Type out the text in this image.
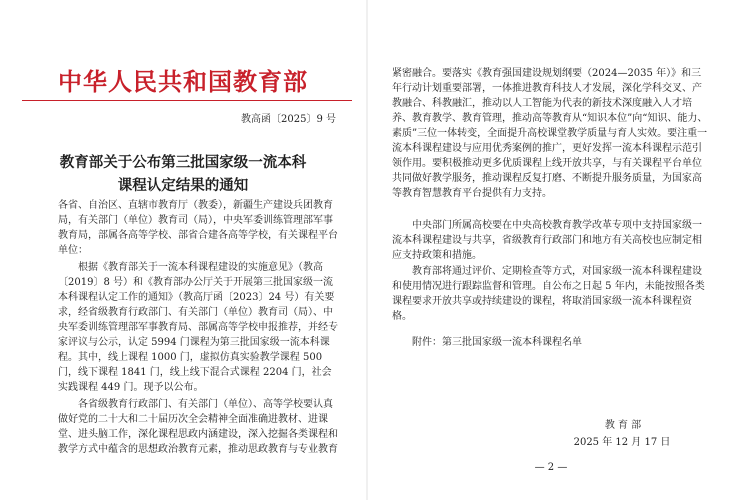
中华人民共和国教育部
教高函〔2025〕9 号
教育部关于公布第三批国家级一流本科
课程认定结果的通知
各省、自治区、直辖市教育厅（教委），新疆生产建设兵团教育局，有关部门（单位）教育司（局），中央军委训练管理部军事教育局，部属各高等学校、部省合建各高等学校，有关课程平台单位：
根据《教育部关于一流本科课程建设的实施意见》（教高〔2019〕8 号）和《教育部办公厅关于开展第三批国家级一流本科课程认定工作的通知》（教高厅函〔2023〕24 号）有关要求，经省级教育行政部门、有关部门（单位）教育司（局）、中央军委训练管理部军事教育局、部属高等学校申报推荐，并经专家评议与公示，认定 5994 门课程为第三批国家级一流本科课程。其中，线上课程 1000 门，虚拟仿真实验教学课程 500 门，线下课程 1841 门，线上线下混合式课程 2204 门，社会实践课程 449 门。现予以公布。
各省级教育行政部门、有关部门（单位）、高等学校要认真做好党的二十大和二十届历次全会精神全面准确进教材、进课堂、进头脑工作，深化课程思政内涵建设，深入挖掘各类课程和教学方式中蕴含的思想政治教育元素，推动思政教育与专业教育
紧密融合。要落实《教育强国建设规划纲要（2024—2035 年）》和三年行动计划重要部署，一体推进教育科技人才发展，深化学科交叉、产教融合、科教融汇，推动以人工智能为代表的新技术深度融入人才培养、教育教学、教育管理，推动高等教育从“知识本位”向“知识、能力、素质”三位一体转变，全面提升高校课堂教学质量与育人实效。要注重一流本科课程建设与应用优秀案例的推广，更好发挥一流本科课程示范引领作用。要积极推动更多优质课程上线开放共享，与有关课程平台单位共同做好教学服务，推动课程反复打磨、不断提升服务质量，为国家高等教育智慧教育平台提供有力支持。
中央部门所属高校要在中央高校教育教学改革专项中支持国家级一流本科课程建设与共享，省级教育行政部门和地方有关高校也应制定相应支持政策和措施。
教育部将通过评价、定期检查等方式，对国家级一流本科课程建设和使用情况进行跟踪监督和管理。自公布之日起 5 年内，未能按照各类课程要求开放共享或持续建设的课程，将取消国家级一流本科课程资格。
附件：第三批国家级一流本科课程名单
教 育 部
2025 年 12 月 17 日
— 2 —
